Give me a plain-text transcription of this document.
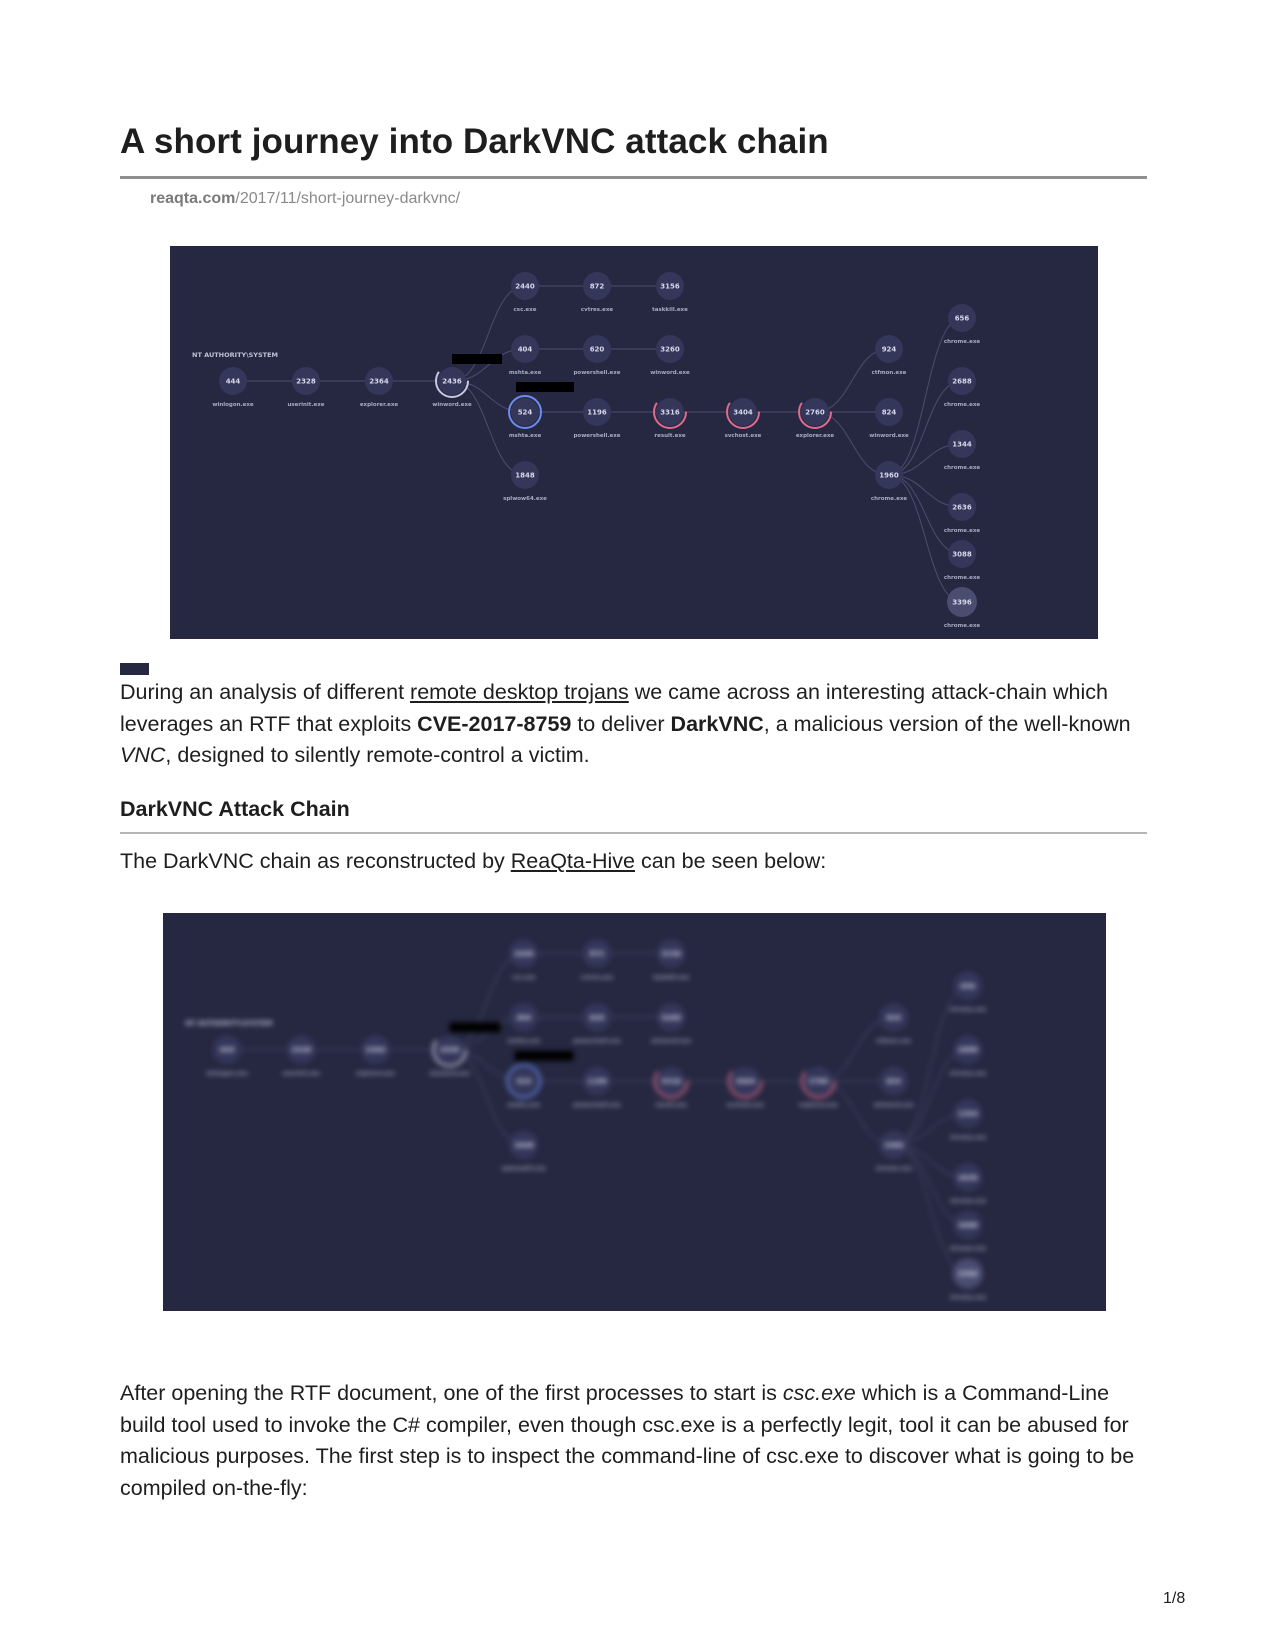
A short journey into DarkVNC attack chain
reaqta.com/2017/11/short-journey-darkvnc/
NT AUTHORITY\SYSTEM
444
winlogon.exe
2328
userinit.exe
2364
explorer.exe
2436
winword.exe
2440
csc.exe
872
cvtres.exe
3156
taskkill.exe
404
mshta.exe
620
powershell.exe
3260
winword.exe
524
mshta.exe
1196
powershell.exe
3316
result.exe
3404
svchost.exe
2760
explorer.exe
1848
splwow64.exe
924
ctfmon.exe
824
winword.exe
1960
chrome.exe
656
chrome.exe
2688
chrome.exe
1344
chrome.exe
2636
chrome.exe
3088
chrome.exe
3396
chrome.exe

During an analysis of different remote desktop trojans we came across an interesting attack-chain which leverages an RTF that exploits CVE-2017-8759 to deliver DarkVNC, a malicious version of the well-known VNC, designed to silently remote-control a victim.

DarkVNC Attack Chain

The DarkVNC chain as reconstructed by ReaQta-Hive can be seen below:

NT AUTHORITY\SYSTEM
444
winlogon.exe
2328
userinit.exe
2364
explorer.exe
2436
winword.exe
2440
csc.exe
872
cvtres.exe
3156
taskkill.exe
404
mshta.exe
620
powershell.exe
3260
winword.exe
524
mshta.exe
1196
powershell.exe
3316
result.exe
3404
svchost.exe
2760
explorer.exe
1848
splwow64.exe
924
ctfmon.exe
824
winword.exe
1960
chrome.exe
656
chrome.exe
2688
chrome.exe
1344
chrome.exe
2636
chrome.exe
3088
chrome.exe
3396
chrome.exe

After opening the RTF document, one of the first processes to start is csc.exe which is a Command-Line build tool used to invoke the C# compiler, even though csc.exe is a perfectly legit, tool it can be abused for malicious purposes. The first step is to inspect the command-line of csc.exe to discover what is going to be compiled on-the-fly:

1/8
